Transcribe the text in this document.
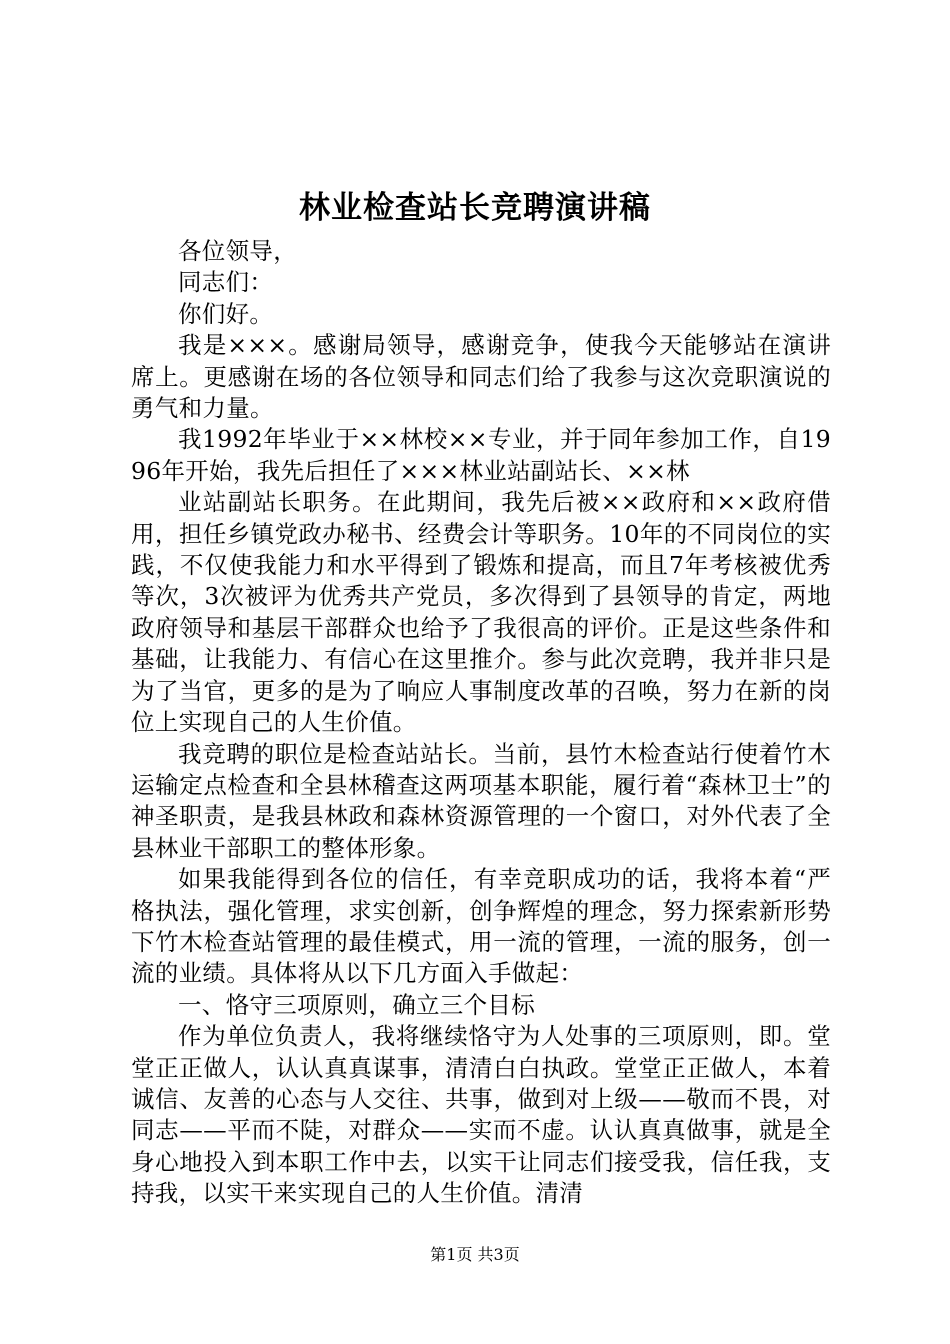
林业检查站长竞聘演讲稿

各位领导，

同志们：

你们好。

我是×××。感谢局领导，感谢竞争，使我今天能够站在演讲席上。更感谢在场的各位领导和同志们给了我参与这次竞职演说的勇气和力量。

我1992年毕业于××林校××专业，并于同年参加工作，自1996年开始，我先后担任了×××林业站副站长、××林

业站副站长职务。在此期间，我先后被××政府和××政府借用，担任乡镇党政办秘书、经费会计等职务。10年的不同岗位的实践，不仅使我能力和水平得到了锻炼和提高，而且7年考核被优秀等次，3次被评为优秀共产党员，多次得到了县领导的肯定，两地政府领导和基层干部群众也给予了我很高的评价。正是这些条件和基础，让我能力、有信心在这里推介。参与此次竞聘，我并非只是为了当官，更多的是为了响应人事制度改革的召唤，努力在新的岗位上实现自己的人生价值。

我竞聘的职位是检查站站长。当前，县竹木检查站行使着竹木运输定点检查和全县林稽查这两项基本职能，履行着“森林卫士”的神圣职责，是我县林政和森林资源管理的一个窗口，对外代表了全县林业干部职工的整体形象。

如果我能得到各位的信任，有幸竞职成功的话，我将本着“严格执法，强化管理，求实创新，创争辉煌的理念，努力探索新形势下竹木检查站管理的最佳模式，用一流的管理，一流的服务，创一流的业绩。具体将从以下几方面入手做起：

一、恪守三项原则，确立三个目标

作为单位负责人，我将继续恪守为人处事的三项原则，即。堂堂正正做人，认认真真谋事，清清白白执政。堂堂正正做人，本着诚信、友善的心态与人交往、共事，做到对上级——敬而不畏，对同志——平而不陡，对群众——实而不虚。认认真真做事，就是全身心地投入到本职工作中去，以实干让同志们接受我，信任我，支持我，以实干来实现自己的人生价值。清清

第1页 共3页
